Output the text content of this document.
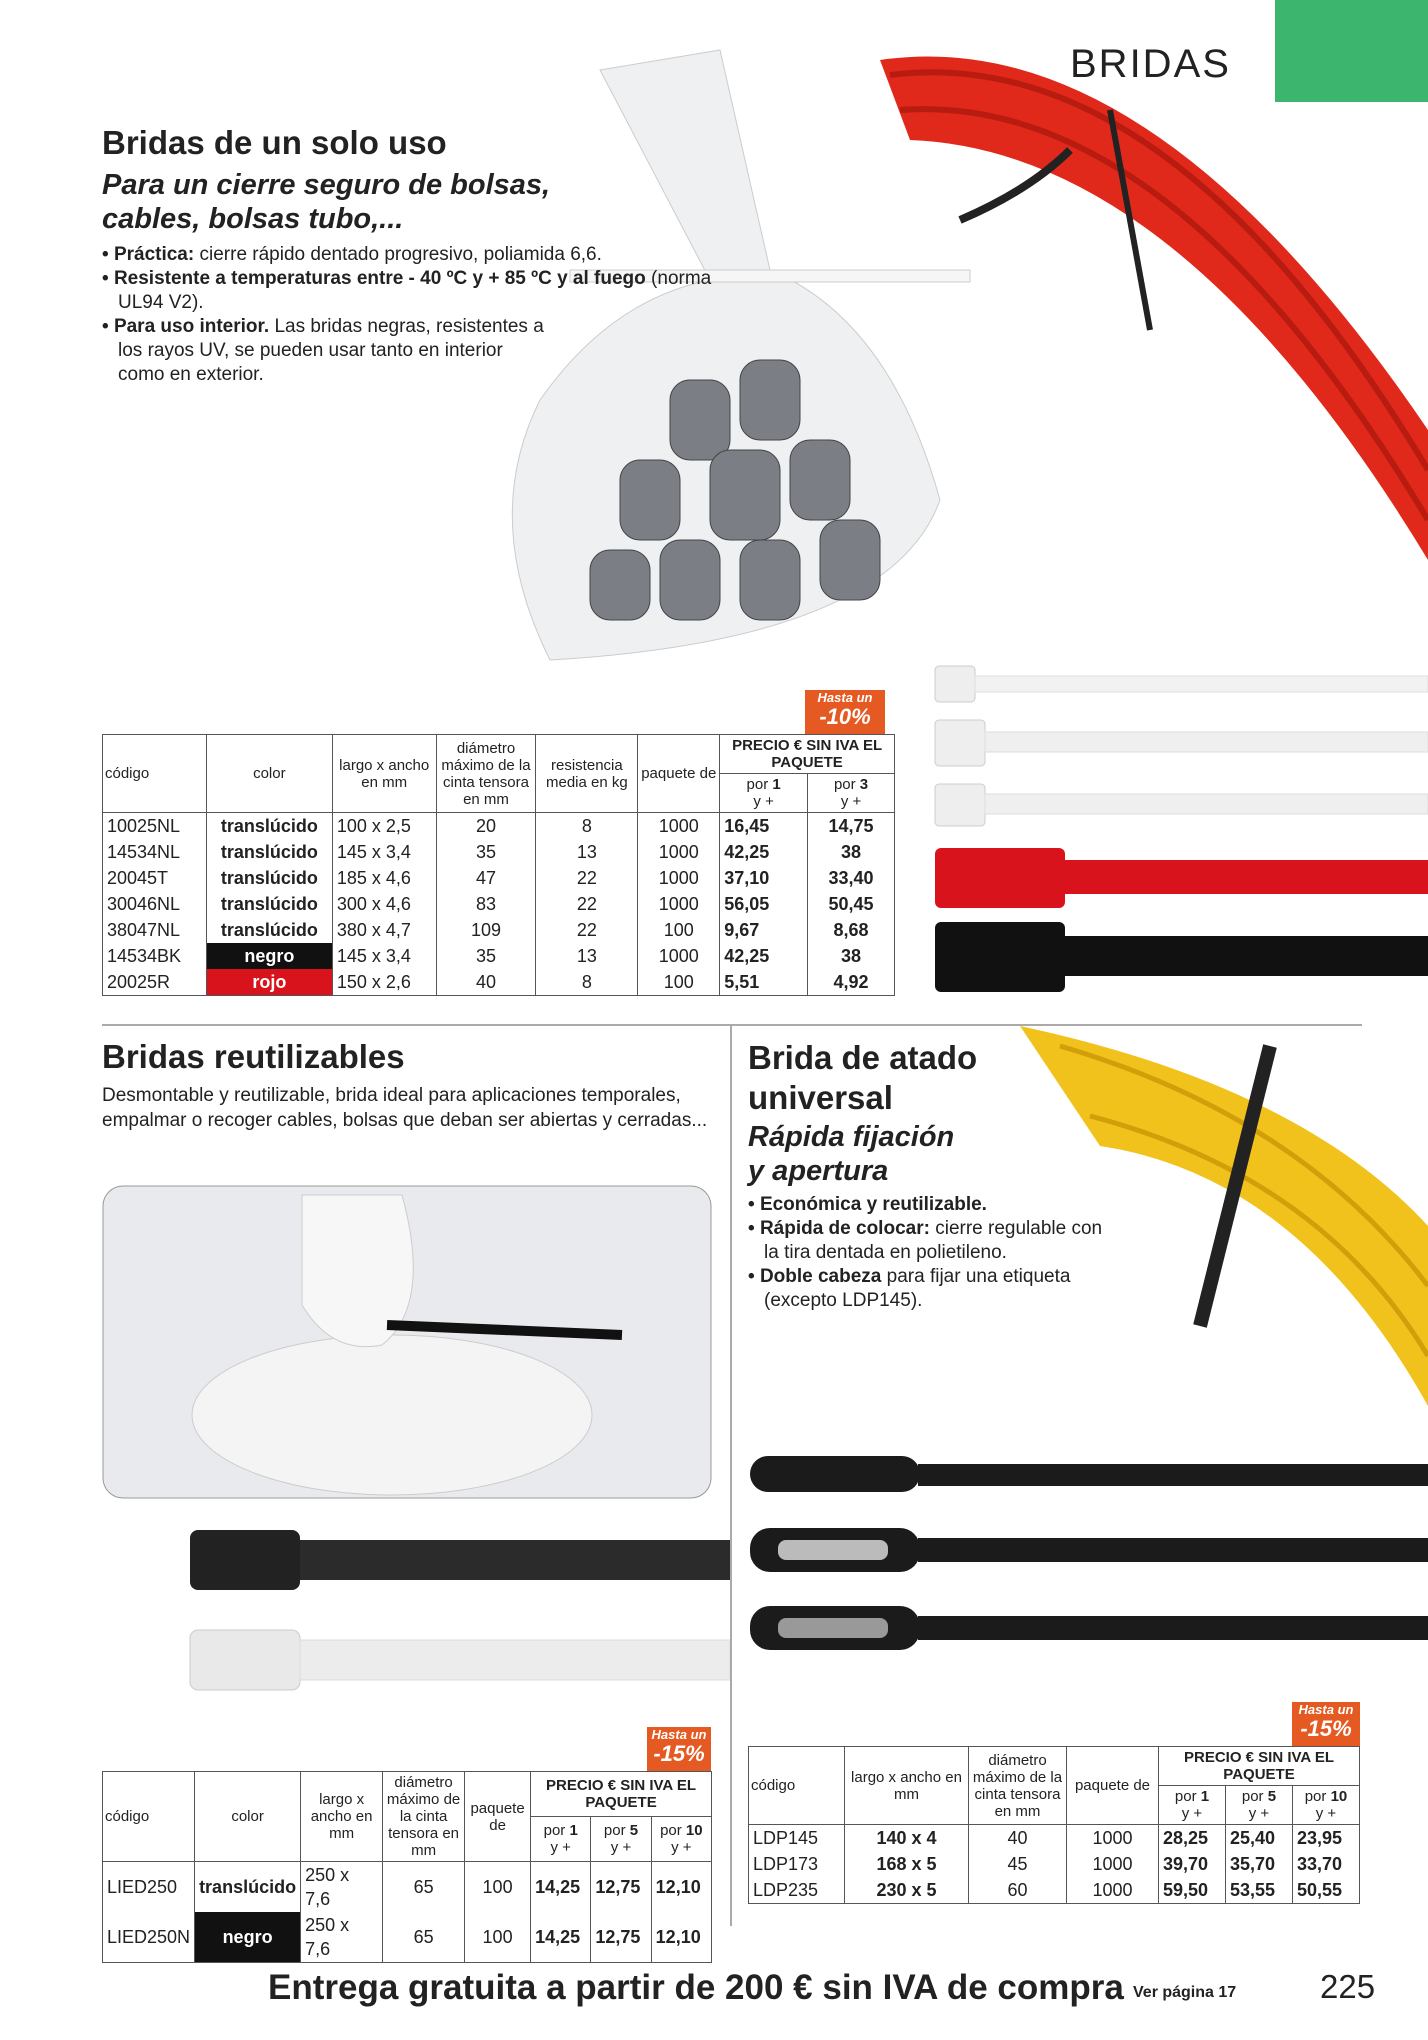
BRIDAS
Bridas de un solo uso
Para un cierre seguro de bolsas, cables, bolsas tubo,...
• Práctica: cierre rápido dentado progresivo, poliamida 6,6.
• Resistente a temperaturas entre - 40 ºC y + 85 ºC y al fuego (norma UL94 V2).
• Para uso interior. Las bridas negras, resistentes a los rayos UV, se pueden usar tanto en interior como en exterior.
Hasta un
-10%
código	color	largo x ancho en mm	diámetro máximo de la cinta tensora en mm	resistencia media en kg	paquete de	PRECIO € SIN IVA EL PAQUETE	
						por 1
y +	por 3
y +
10025NL	translúcido	100 x 2,5	20	8	1000	16,45	14,75
14534NL	translúcido	145 x 3,4	35	13	1000	42,25	38
20045T	translúcido	185 x 4,6	47	22	1000	37,10	33,40
30046NL	translúcido	300 x 4,6	83	22	1000	56,05	50,45
38047NL	translúcido	380 x 4,7	109	22	100	9,67	8,68
14534BK	negro	145 x 3,4	35	13	1000	42,25	38
20025R	rojo	150 x 2,6	40	8	100	5,51	4,92
Bridas reutilizables
Desmontable y reutilizable, brida ideal para aplicaciones temporales, empalmar o recoger cables, bolsas que deban ser abiertas y cerradas...
Hasta un
-15%
código	color	largo x ancho en mm	diámetro máximo de la cinta tensora en mm	paquete de	PRECIO € SIN IVA EL PAQUETE		
					por 1
y +	por 5
y +	por 10
y +
LIED250	translúcido	250 x 7,6	65	100	14,25	12,75	12,10
LIED250N	negro	250 x 7,6	65	100	14,25	12,75	12,10
Brida de atado universal
Rápida fijación y apertura
• Económica y reutilizable.
• Rápida de colocar: cierre regulable con la tira dentada en polietileno.
• Doble cabeza para fijar una etiqueta (excepto LDP145).
Hasta un
-15%
código	largo x ancho en mm	diámetro máximo de la cinta tensora en mm	paquete de	PRECIO € SIN IVA EL PAQUETE		
				por 1
y +	por 5
y +	por 10
y +
LDP145	140 x 4	40	1000	28,25	25,40	23,95
LDP173	168 x 5	45	1000	39,70	35,70	33,70
LDP235	230 x 5	60	1000	59,50	53,55	50,55
Entrega gratuita a partir de 200 € sin IVA de compra Ver página 17	225
